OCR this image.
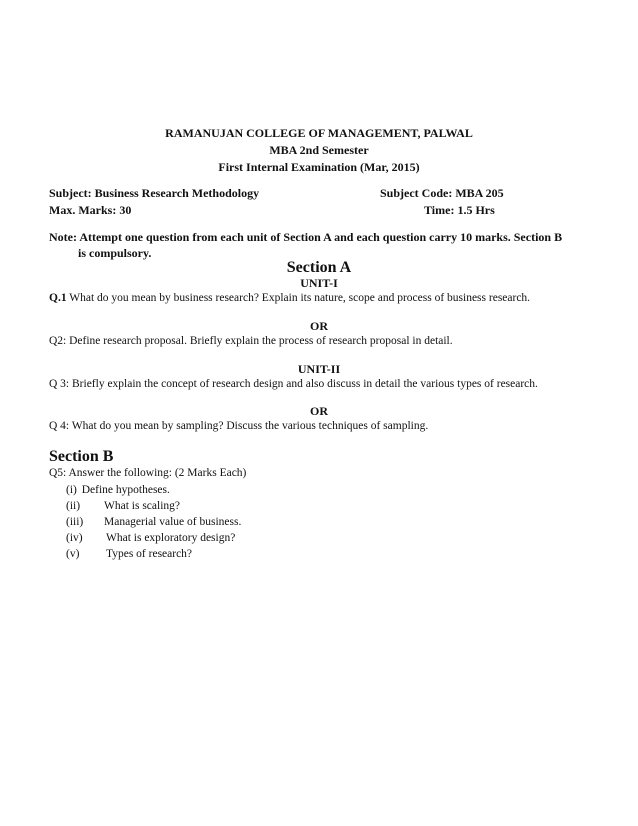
RAMANUJAN COLLEGE OF MANAGEMENT, PALWAL
MBA 2nd Semester
First Internal Examination (Mar, 2015)
Subject: Business Research Methodology	Subject Code: MBA 205
Max. Marks: 30	Time: 1.5 Hrs
Note: Attempt one question from each unit of Section A and each question carry 10 marks. Section B
is compulsory.
Section A
UNIT-I
Q.1 What do you mean by business research? Explain its nature, scope and process of business research.
OR
Q2: Define research proposal. Briefly explain the process of research proposal in detail.
UNIT-II
Q 3: Briefly explain the concept of research design and also discuss in detail the various types of research.
OR
Q 4: What do you mean by sampling? Discuss the various techniques of sampling.
Section B
Q5: Answer the following: (2 Marks Each)
(i) Define hypotheses.
(ii) What is scaling?
(iii) Managerial value of business.
(iv) What is exploratory design?
(v) Types of research?
